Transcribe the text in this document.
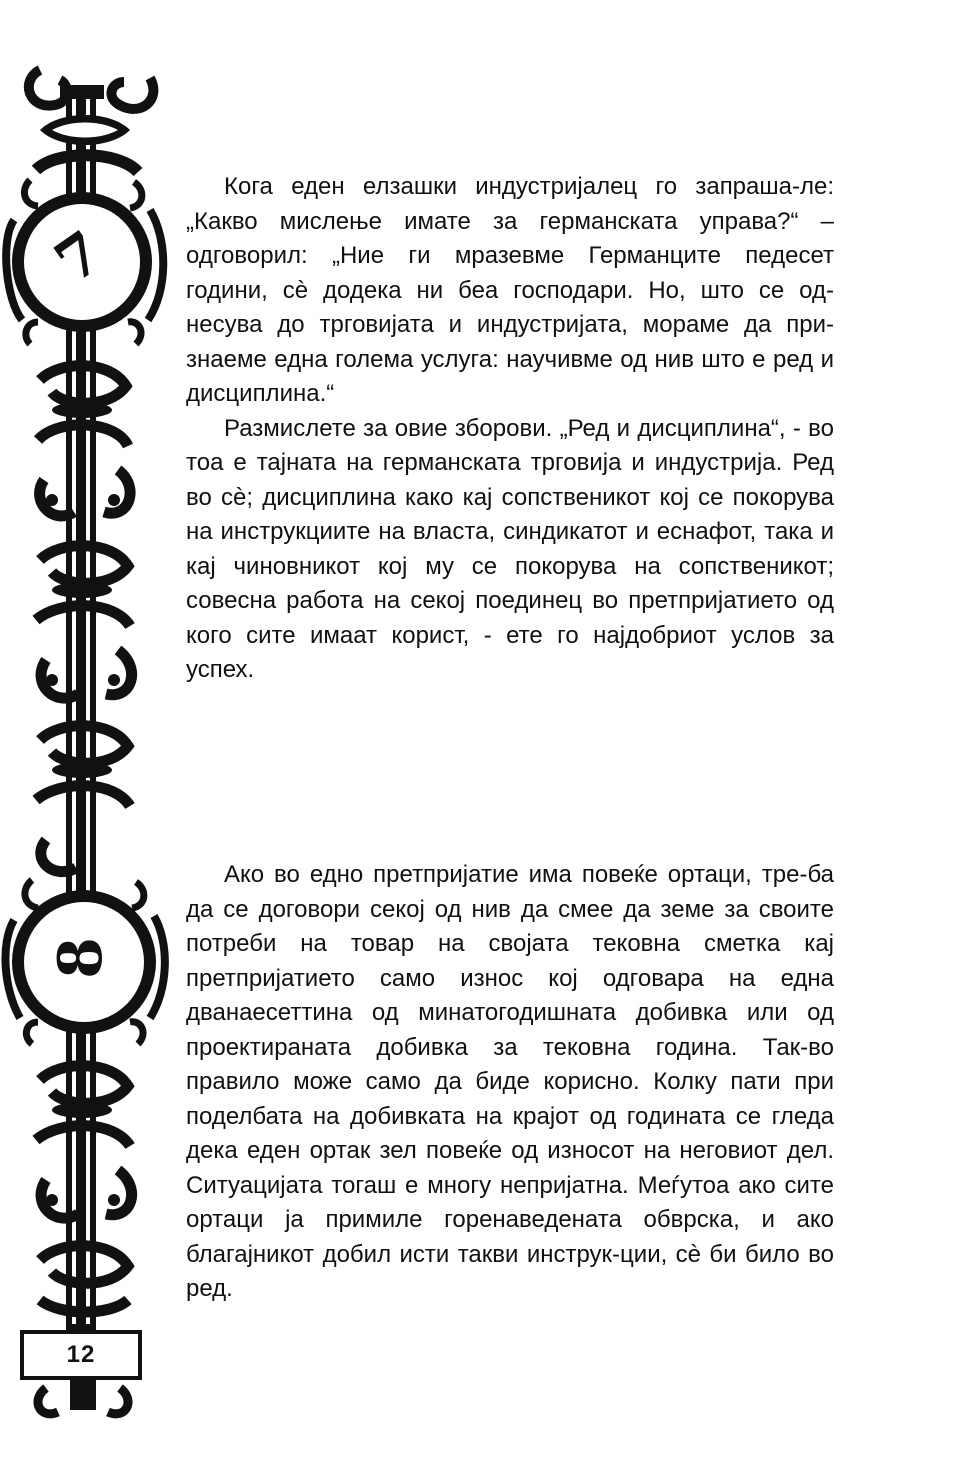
7
8
12

Кога еден елзашки индустријалец го запраша-ле: „Какво мислење имате за германската управа?“ – одговорил: „Ние ги мразевме Германците педесет години, сè додека ни беа господари. Но, што се од-несува до трговијата и индустријата, мораме да при-знаеме една голема услуга: научивме од нив што е ред и дисциплина.“

Размислете за овие зборови. „Ред и дисциплина“, - во тоа е тајната на германската трговија и индустрија. Ред во сè; дисциплина како кај сопственикот кој се покорува на инструкциите на власта, синдикатот и еснафот, така и кај чиновникот кој му се покорува на сопственикот; совесна работа на секој поединец во претпријатието од кого сите имаат корист, - ете го најдобриот услов за успех.

Ако во едно претпријатие има повеќе ортаци, тре-ба да се договори секој од нив да смее да земе за своите потреби на товар на својата тековна сметка кај претпријатието само износ кој одговара на една дванаесеттина од минатогодишната добивка или од проектираната добивка за тековна година. Так-во правило може само да биде корисно. Колку пати при поделбата на добивката на крајот од годината се гледа дека еден ортак зел повеќе од износот на неговиот дел. Ситуацијата тогаш е многу непријатна. Меѓутоа ако сите ортаци ја примиле горенаведената обврска, и ако благајникот добил исти такви инструк-ции, сè би било во ред.
